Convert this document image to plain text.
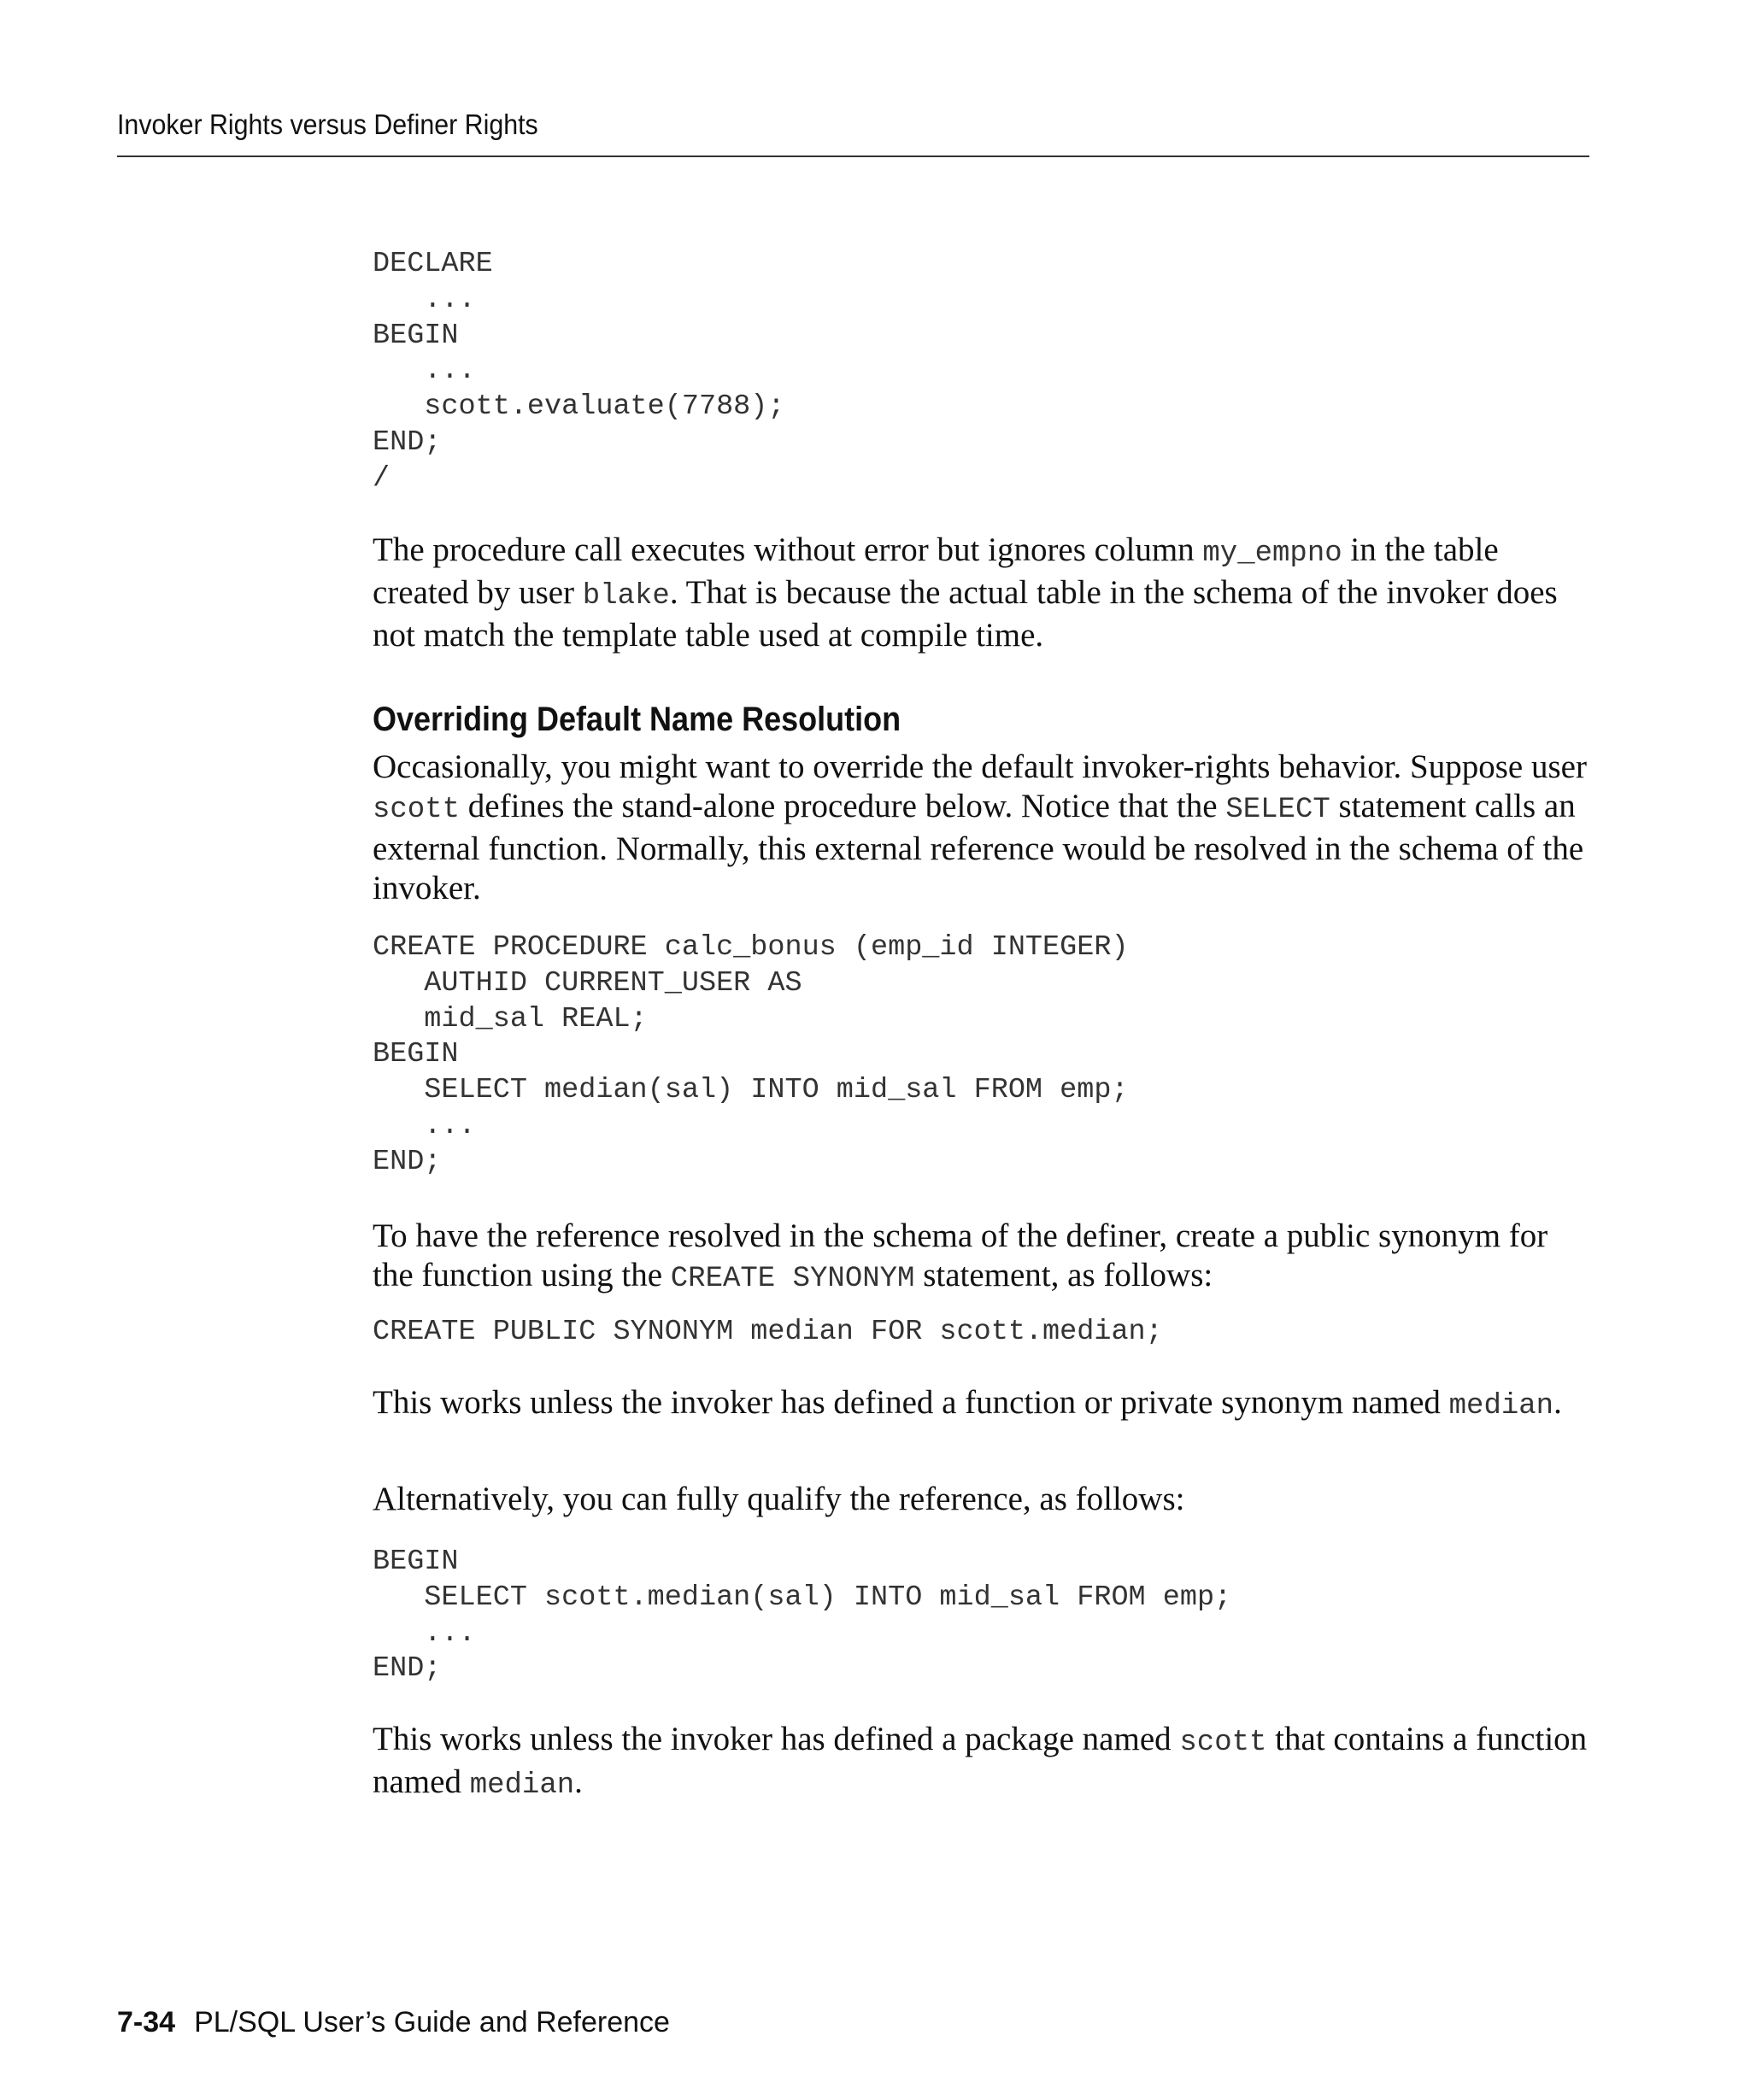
Invoker Rights versus Definer Rights
DECLARE
...
BEGIN
...
scott.evaluate(7788);
END;
/

The procedure call executes without error but ignores column my_empno in the table created by user blake. That is because the actual table in the schema of the invoker does not match the template table used at compile time.

Overriding Default Name Resolution

Occasionally, you might want to override the default invoker-rights behavior. Suppose user scott defines the stand-alone procedure below. Notice that the SELECT statement calls an external function. Normally, this external reference would be resolved in the schema of the invoker.

CREATE PROCEDURE calc_bonus (emp_id INTEGER)
AUTHID CURRENT_USER AS
mid_sal REAL;
BEGIN
SELECT median(sal) INTO mid_sal FROM emp;
...
END;

To have the reference resolved in the schema of the definer, create a public synonym for the function using the CREATE SYNONYM statement, as follows:

CREATE PUBLIC SYNONYM median FOR scott.median;

This works unless the invoker has defined a function or private synonym named median.

Alternatively, you can fully qualify the reference, as follows:

BEGIN
SELECT scott.median(sal) INTO mid_sal FROM emp;
...
END;

This works unless the invoker has defined a package named scott that contains a function named median.

7-34 PL/SQL User’s Guide and Reference
